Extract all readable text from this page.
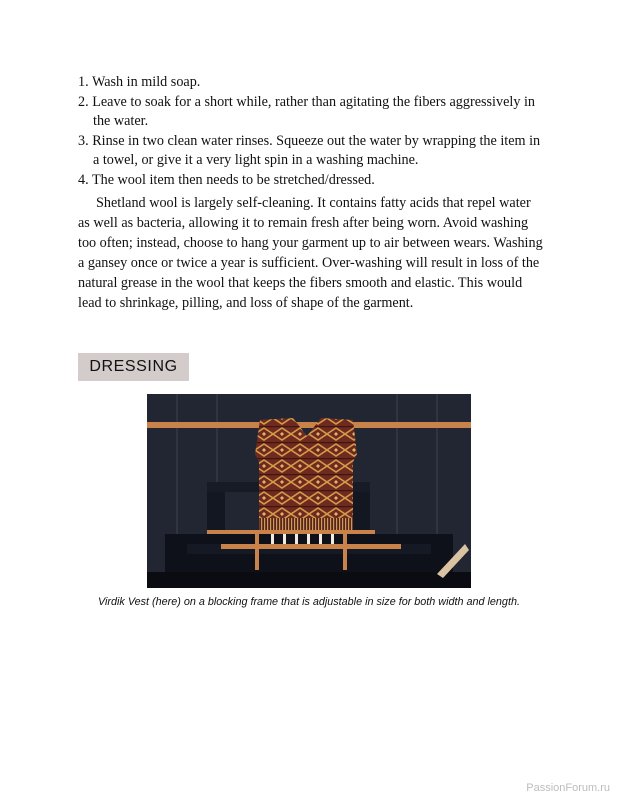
1. Wash in mild soap.
2. Leave to soak for a short while, rather than agitating the fibers aggressively in the water.
3. Rinse in two clean water rinses. Squeeze out the water by wrapping the item in a towel, or give it a very light spin in a washing machine.
4. The wool item then needs to be stretched/dressed.

Shetland wool is largely self-cleaning. It contains fatty acids that repel water as well as bacteria, allowing it to remain fresh after being worn. Avoid washing too often; instead, choose to hang your garment up to air between wears. Washing a gansey once or twice a year is sufficient. Over-washing will result in loss of the natural grease in the wool that keeps the fibers smooth and elastic. This would lead to shrinkage, pilling, and loss of shape of the garment.

DRESSING

Virdik Vest (here) on a blocking frame that is adjustable in size for both width and length.

PassionForum.ru
